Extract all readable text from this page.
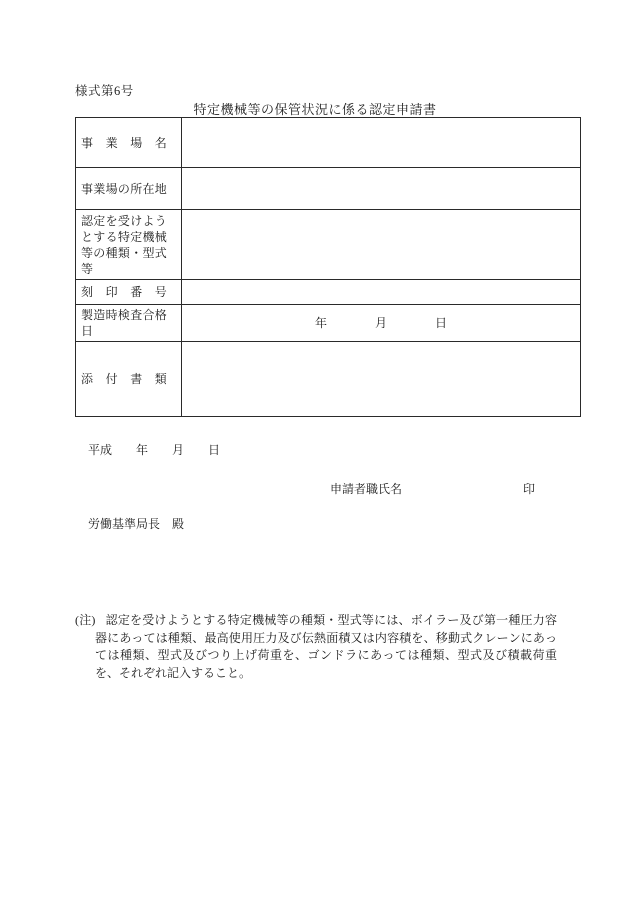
様式第6号
特定機械等の保管状況に係る認定申請書
事　業　場　名	
事業場の所在地	
認定を受けようとする特定機械等の種類・型式等	
刻　印　番　号	
製造時検査合格日	年　　　　月　　　　日
添　付　書　類	
平成　　年　　月　　日
申請者職氏名	印
労働基準局長　殿
(注) 認定を受けようとする特定機械等の種類・型式等には、ボイラー及び第一種圧力容器にあっては種類、最高使用圧力及び伝熱面積又は内容積を、移動式クレーンにあっては種類、型式及びつり上げ荷重を、ゴンドラにあっては種類、型式及び積載荷重を、それぞれ記入すること。
